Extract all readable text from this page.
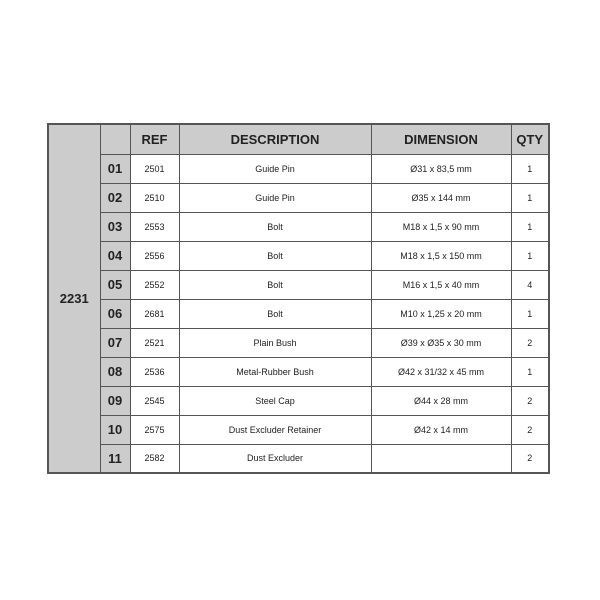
2231		REF	DESCRIPTION	DIMENSION	QTY
	01	2501	Guide Pin	Ø31 x 83,5 mm	1
	02	2510	Guide Pin	Ø35 x 144 mm	1
	03	2553	Bolt	M18 x 1,5 x 90 mm	1
	04	2556	Bolt	M18 x 1,5 x 150 mm	1
	05	2552	Bolt	M16 x 1,5 x 40 mm	4
	06	2681	Bolt	M10 x 1,25 x 20 mm	1
	07	2521	Plain Bush	Ø39 x Ø35 x 30 mm	2
	08	2536	Metal-Rubber Bush	Ø42 x 31/32 x 45 mm	1
	09	2545	Steel Cap	Ø44 x 28 mm	2
	10	2575	Dust Excluder Retainer	Ø42 x 14 mm	2
	11	2582	Dust Excluder		2
